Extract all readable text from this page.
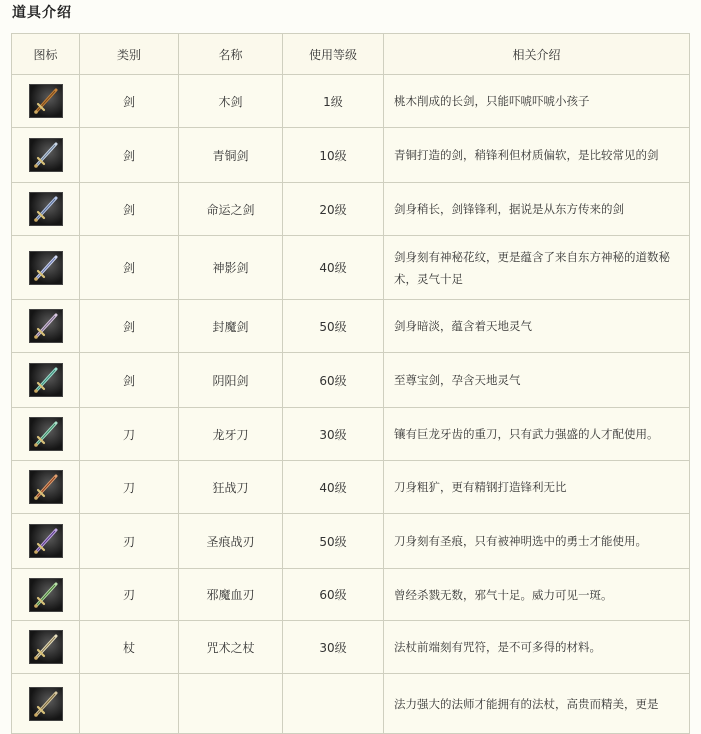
道具介绍
图标	类别	名称	使用等级	相关介绍

	剑	木剑	1级	桃木削成的长剑，只能吓唬吓唬小孩子

	剑	青铜剑	10级	青铜打造的剑，稍锋利但材质偏软，是比较常见的剑

	剑	命运之剑	20级	剑身稍长，剑锋锋利，据说是从东方传来的剑

	剑	神影剑	40级	剑身刻有神秘花纹，更是蕴含了来自东方神秘的道数秘术，灵气十足

	剑	封魔剑	50级	剑身暗淡，蕴含着天地灵气

	剑	阴阳剑	60级	至尊宝剑，孕含天地灵气

	刀	龙牙刀	30级	镶有巨龙牙齿的重刀，只有武力强盛的人才配使用。

	刀	狂战刀	40级	刀身粗犷，更有精钢打造锋利无比

	刃	圣痕战刃	50级	刀身刻有圣痕，只有被神明选中的勇士才能使用。

	刃	邪魔血刃	60级	曾经杀戮无数，邪气十足。威力可见一斑。

	杖	咒术之杖	30级	法杖前端刻有咒符，是不可多得的材料。

				法力强大的法师才能拥有的法杖，高贵而精美，更是
